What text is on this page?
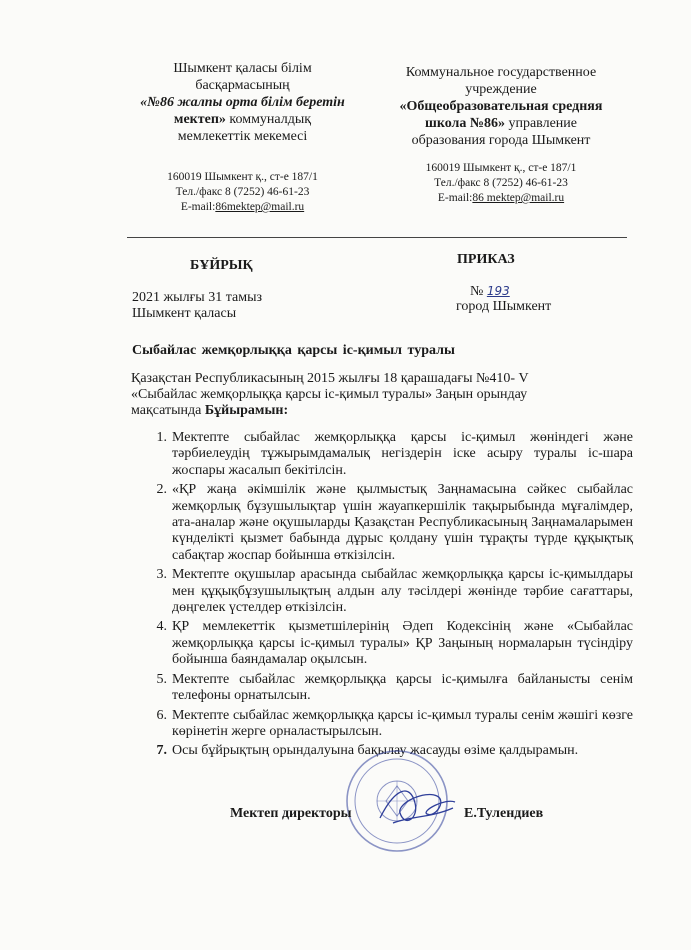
Шымкент қаласы білім
басқармасының
«№86 жалпы орта білім беретін
мектеп» коммуналдық
мемлекеттік мекемесі
160019 Шымкент қ., ст-е 187/1
Тел./факс 8 (7252) 46-61-23
E-mail:86mektep@mail.ru
Коммунальное государственное
учреждение
«Общеобразовательная средняя
школа №86» управление
образования города Шымкент
160019 Шымкент қ., ст-е 187/1
Тел./факс 8 (7252) 46-61-23
E-mail:86 mektep@mail.ru
БҰЙРЫҚ	ПРИКАЗ
2021 жылғы 31 тамыз
Шымкент қаласы
№ 193
город Шымкент
Сыбайлас жемқорлыққа қарсы іс-қимыл туралы
Қазақстан Республикасының 2015 жылғы 18 қарашадағы №410- V
«Сыбайлас жемқорлыққа қарсы іс-қимыл туралы» Заңын орындау
мақсатында Бұйырамын:
1. Мектепте сыбайлас жемқорлыққа қарсы іс-қимыл жөніндегі және тәрбиелеудің тұжырымдамалық негіздерін іске асыру туралы іс-шара жоспары жасалып бекітілсін.
2. «ҚР жаңа әкімшілік және қылмыстық Заңнамасына сәйкес сыбайлас жемқорлық бұзушылықтар үшін жауапкершілік тақырыбында мұғалімдер, ата-аналар және оқушыларды Қазақстан Республикасының Заңнамаларымен күнделікті қызмет бабында дұрыс қолдану үшін тұрақты түрде құқықтық сабақтар жоспар бойынша өткізілсін.
3. Мектепте оқушылар арасында сыбайлас жемқорлыққа қарсы іс-қимылдары мен құқықбұзушылықтың алдын алу тәсілдері жөнінде тәрбие сағаттары, дөңгелек үстелдер өткізілсін.
4. ҚР мемлекеттік қызметшілерінің Әдеп Кодексінің және «Сыбайлас жемқорлыққа қарсы іс-қимыл туралы» ҚР Заңының нормаларын түсіндіру бойынша баяндамалар оқылсын.
5. Мектепте сыбайлас жемқорлыққа қарсы іс-қимылға байланысты сенім телефоны орнатылсын.
6. Мектепте сыбайлас жемқорлыққа қарсы іс-қимыл туралы сенім жәшігі көзге көрінетін жерге орналастырылсын.
7. Осы бұйрықтың орындалуына бақылау жасауды өзіме қалдырамын.
Мектеп директоры	Е.Тулендиев
